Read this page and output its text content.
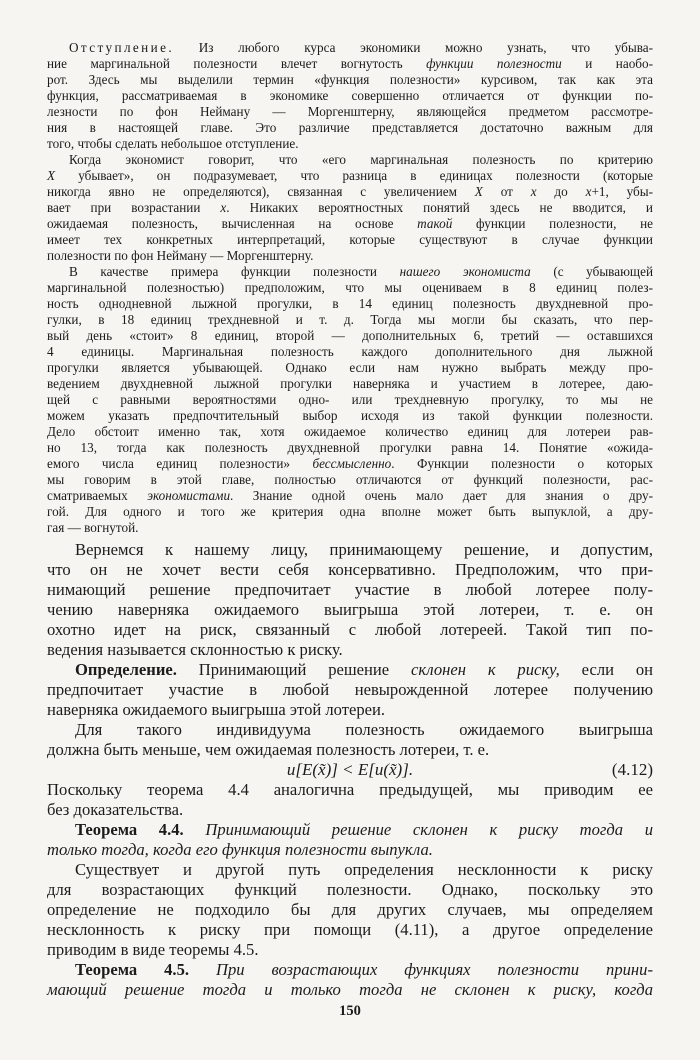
Отступление. Из любого курса экономики можно узнать, что убыва-
ние маргинальной полезности влечет вогнутость функции полезности и наобо-
рот. Здесь мы выделили термин «функция полезности» курсивом, так как эта
функция, рассматриваемая в экономике совершенно отличается от функции по-
лезности по фон Нейману — Моргенштерну, являющейся предметом рассмотре-
ния в настоящей главе. Это различие представляется достаточно важным для
того, чтобы сделать небольшое отступление.
Когда экономист говорит, что «его маргинальная полезность по критерию
X убывает», он подразумевает, что разница в единицах полезности (которые
никогда явно не определяются), связанная с увеличением X от x до x+1, убы-
вает при возрастании x. Никаких вероятностных понятий здесь не вводится, и
ожидаемая полезность, вычисленная на основе такой функции полезности, не
имеет тех конкретных интерпретаций, которые существуют в случае функции
полезности по фон Нейману — Моргенштерну.
В качестве примера функции полезности нашего экономиста (с убывающей
маргинальной полезностью) предположим, что мы оцениваем в 8 единиц полез-
ность однодневной лыжной прогулки, в 14 единиц полезность двухдневной про-
гулки, в 18 единиц трехдневной и т. д. Тогда мы могли бы сказать, что пер-
вый день «стоит» 8 единиц, второй — дополнительных 6, третий — оставшихся
4 единицы. Маргинальная полезность каждого дополнительного дня лыжной
прогулки является убывающей. Однако если нам нужно выбрать между про-
ведением двухдневной лыжной прогулки наверняка и участием в лотерее, даю-
щей с равными вероятностями одно- или трехдневную прогулку, то мы не
можем указать предпочтительный выбор исходя из такой функции полезности.
Дело обстоит именно так, хотя ожидаемое количество единиц для лотереи рав-
но 13, тогда как полезность двухдневной прогулки равна 14. Понятие «ожида-
емого числа единиц полезности» бессмысленно. Функции полезности о которых
мы говорим в этой главе, полностью отличаются от функций полезности, рас-
сматриваемых экономистами. Знание одной очень мало дает для знания о дру-
гой. Для одного и того же критерия одна вполне может быть выпуклой, а дру-
гая — вогнутой.
Вернемся к нашему лицу, принимающему решение, и допустим,
что он не хочет вести себя консервативно. Предположим, что при-
нимающий решение предпочитает участие в любой лотерее полу-
чению наверняка ожидаемого выигрыша этой лотереи, т. е. он
охотно идет на риск, связанный с любой лотереей. Такой тип по-
ведения называется склонностью к риску.
Определение. Принимающий решение склонен к риску, если он
предпочитает участие в любой невырожденной лотерее получению
наверняка ожидаемого выигрыша этой лотереи.
Для такого индивидуума полезность ожидаемого выигрыша
должна быть меньше, чем ожидаемая полезность лотереи, т. е.
u[E(x̃)] < E[u(x̃)].	(4.12)
Поскольку теорема 4.4 аналогична предыдущей, мы приводим ее
без доказательства.
Теорема 4.4. Принимающий решение склонен к риску тогда и
только тогда, когда его функция полезности выпукла.
Существует и другой путь определения несклонности к риску
для возрастающих функций полезности. Однако, поскольку это
определение не подходило бы для других случаев, мы определяем
несклонность к риску при помощи (4.11), а другое определение
приводим в виде теоремы 4.5.
Теорема 4.5. При возрастающих функциях полезности прини-
мающий решение тогда и только тогда не склонен к риску, когда
150
